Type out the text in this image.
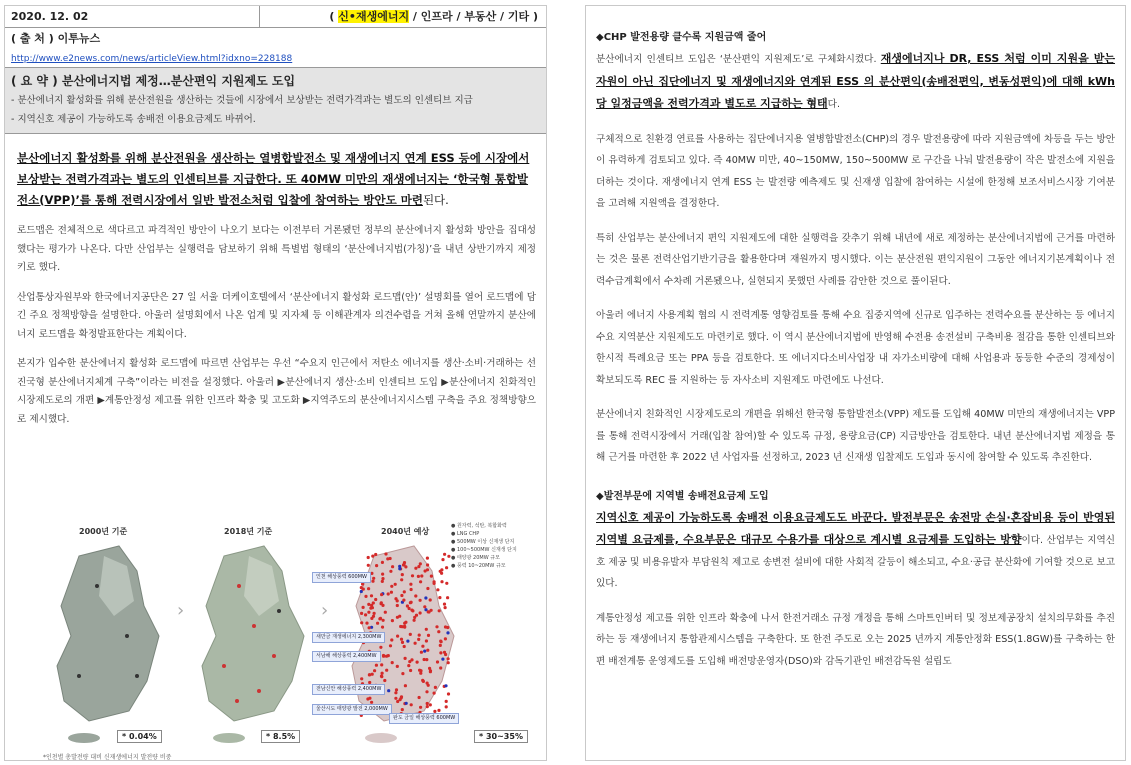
2020. 12. 02	( 신•재생에너지 / 인프라 / 부동산 / 기타 )
( 출 처 ) 이투뉴스
http://www.e2news.com/news/articleView.html?idxno=228188
( 요 약 ) 분산에너지법 제정…분산편익 지원제도 도입
- 분산에너지 활성화를 위해 분산전원을 생산하는 것들에 시장에서 보상받는 전력가격과는 별도의 인센티브 지급
- 지역신호 제공이 가능하도록 송배전 이용요금제도 바뀌어.
분산에너지 활성화를 위해 분산전원을 생산하는 열병합발전소 및 재생에너지 연계 ESS 등에 시장에서 보상받는 전력가격과는 별도의 인센티브를 지급한다. 또 40MW 미만의 재생에너지는 ‘한국형 통합발전소(VPP)’를 통해 전력시장에서 일반 발전소처럼 입찰에 참여하는 방안도 마련된다.
로드맵은 전체적으로 색다르고 파격적인 방안이 나오기 보다는 이전부터 거론됐던 정부의 분산에너지 활성화 방안을 집대성했다는 평가가 나온다. 다만 산업부는 실행력을 담보하기 위해 특별법 형태의 ‘분산에너지법(가칭)’을 내년 상반기까지 제정키로 했다.
산업통상자원부와 한국에너지공단은 27 일 서울 더케이호텔에서 ‘분산에너지 활성화 로드맵(안)’ 설명회를 열어 로드맵에 담긴 주요 정책방향을 설명한다. 아울러 설명회에서 나온 업계 및 지자체 등 이해관계자 의견수렴을 거쳐 올해 연말까지 분산에너지 로드맵을 확정발표한다는 계획이다.
본지가 입수한 분산에너지 활성화 로드맵에 따르면 산업부는 우선 “수요지 인근에서 저탄소 에너지를 생산·소비·거래하는 선진국형 분산에너지체계 구축”이라는 비전을 설정했다. 아울러 ▶분산에너지 생산·소비 인센티브 도입 ▶분산에너지 친화적인 시장제도로의 개편 ▶계통안정성 제고를 위한 인프라 확충 및 고도화 ▶지역주도의 분산에너지시스템 구축을 주요 정책방향으로 제시했다.
›	›
2000년 기준	2018년 기준	2040년 예상
* 0.04%	* 8.5%	* 30~35%
● 원자력, 석탄, 복합화력
● LNG CHP
● 500MW 이상 신재생 단지
● 100~500MW 신재생 단지
● 태양광 20MW 규모
● 풍력 10~20MW 규모
인천 해상풍력 600MW
새만금 재생에너지 2,300MW
서남해 해상풍력 2,400MW
전남신안 해상풍력 2,400MW
울산시도 태양광 발전 2,000MW
완도 금일 해상풍력 600MW
*인천별 총발전량 대비 신재생에너지 발전량 비중
◆CHP 발전용량 클수록 지원금액 줄어
분산에너지 인센티브 도입은 ‘분산편익 지원제도’로 구체화시켰다. 재생에너지나 DR, ESS 처럼 이미 지원을 받는 자원이 아닌 집단에너지 및 재생에너지와 연계된 ESS 의 분산편익(송배전편익, 변동성편익)에 대해 kWh 당 일정금액을 전력가격과 별도로 지급하는 형태다.
구체적으로 친환경 연료를 사용하는 집단에너지용 열병합발전소(CHP)의 경우 발전용량에 따라 지원금액에 차등을 두는 방안이 유력하게 검토되고 있다. 즉 40MW 미만, 40~150MW, 150~500MW 로 구간을 나눠 발전용량이 작은 발전소에 지원을 더하는 것이다. 재생에너지 연계 ESS 는 발전량 예측제도 및 신재생 입찰에 참여하는 시설에 한정해 보조서비스시장 기여분을 고려해 지원액을 결정한다.
특히 산업부는 분산에너지 편익 지원제도에 대한 실행력을 갖추기 위해 내년에 새로 제정하는 분산에너지법에 근거를 마련하는 것은 물론 전력산업기반기금을 활용한다며 재원까지 명시했다. 이는 분산전원 편익지원이 그동안 에너지기본계획이나 전력수급계획에서 수차례 거론됐으나, 실현되지 못했던 사례를 감안한 것으로 풀이된다.
아울러 에너지 사용계획 협의 시 전력계통 영향검토를 통해 수요 집중지역에 신규로 입주하는 전력수요를 분산하는 등 에너지수요 지역분산 지원제도도 마련키로 했다. 이 역시 분산에너지법에 반영해 수전용 송전설비 구축비용 절감을 통한 인센티브와 한시적 특례요금 또는 PPA 등을 검토한다. 또 에너지다소비사업장 내 자가소비량에 대해 사업용과 동등한 수준의 경제성이 확보되도록 REC 를 지원하는 등 자사소비 지원제도 마련에도 나선다.
분산에너지 친화적인 시장제도로의 개편을 위해선 한국형 통합발전소(VPP) 제도를 도입해 40MW 미만의 재생에너지는 VPP 를 통해 전력시장에서 거래(입찰 참여)할 수 있도록 규정, 용량요금(CP) 지급방안을 검토한다. 내년 분산에너지법 제정을 통해 근거를 마련한 후 2022 년 사업자를 선정하고, 2023 년 신재생 입찰제도 도입과 동시에 참여할 수 있도록 추진한다.
◆발전부문에 지역별 송배전요금제 도입
지역신호 제공이 가능하도록 송배전 이용요금제도도 바꾼다. 발전부문은 송전망 손실·혼잡비용 등이 반영된 지역별 요금제를, 수요부문은 대규모 수용가를 대상으로 계시별 요금제를 도입하는 방향이다. 산업부는 지역신호 제공 및 비용유발자 부담원칙 제고로 송변전 설비에 대한 사회적 갈등이 해소되고, 수요·공급 분산화에 기여할 것으로 보고 있다.
계통안정성 제고를 위한 인프라 확충에 나서 한전거래소 규정 개정을 통해 스마트인버터 및 정보제공장치 설치의무화를 추진하는 등 재생에너지 통합관제시스템을 구축한다. 또 한전 주도로 오는 2025 년까지 계통안정화 ESS(1.8GW)를 구축하는 한편 배전계통 운영제도를 도입해 배전망운영자(DSO)와 감독기관인 배전감독원 설립도
